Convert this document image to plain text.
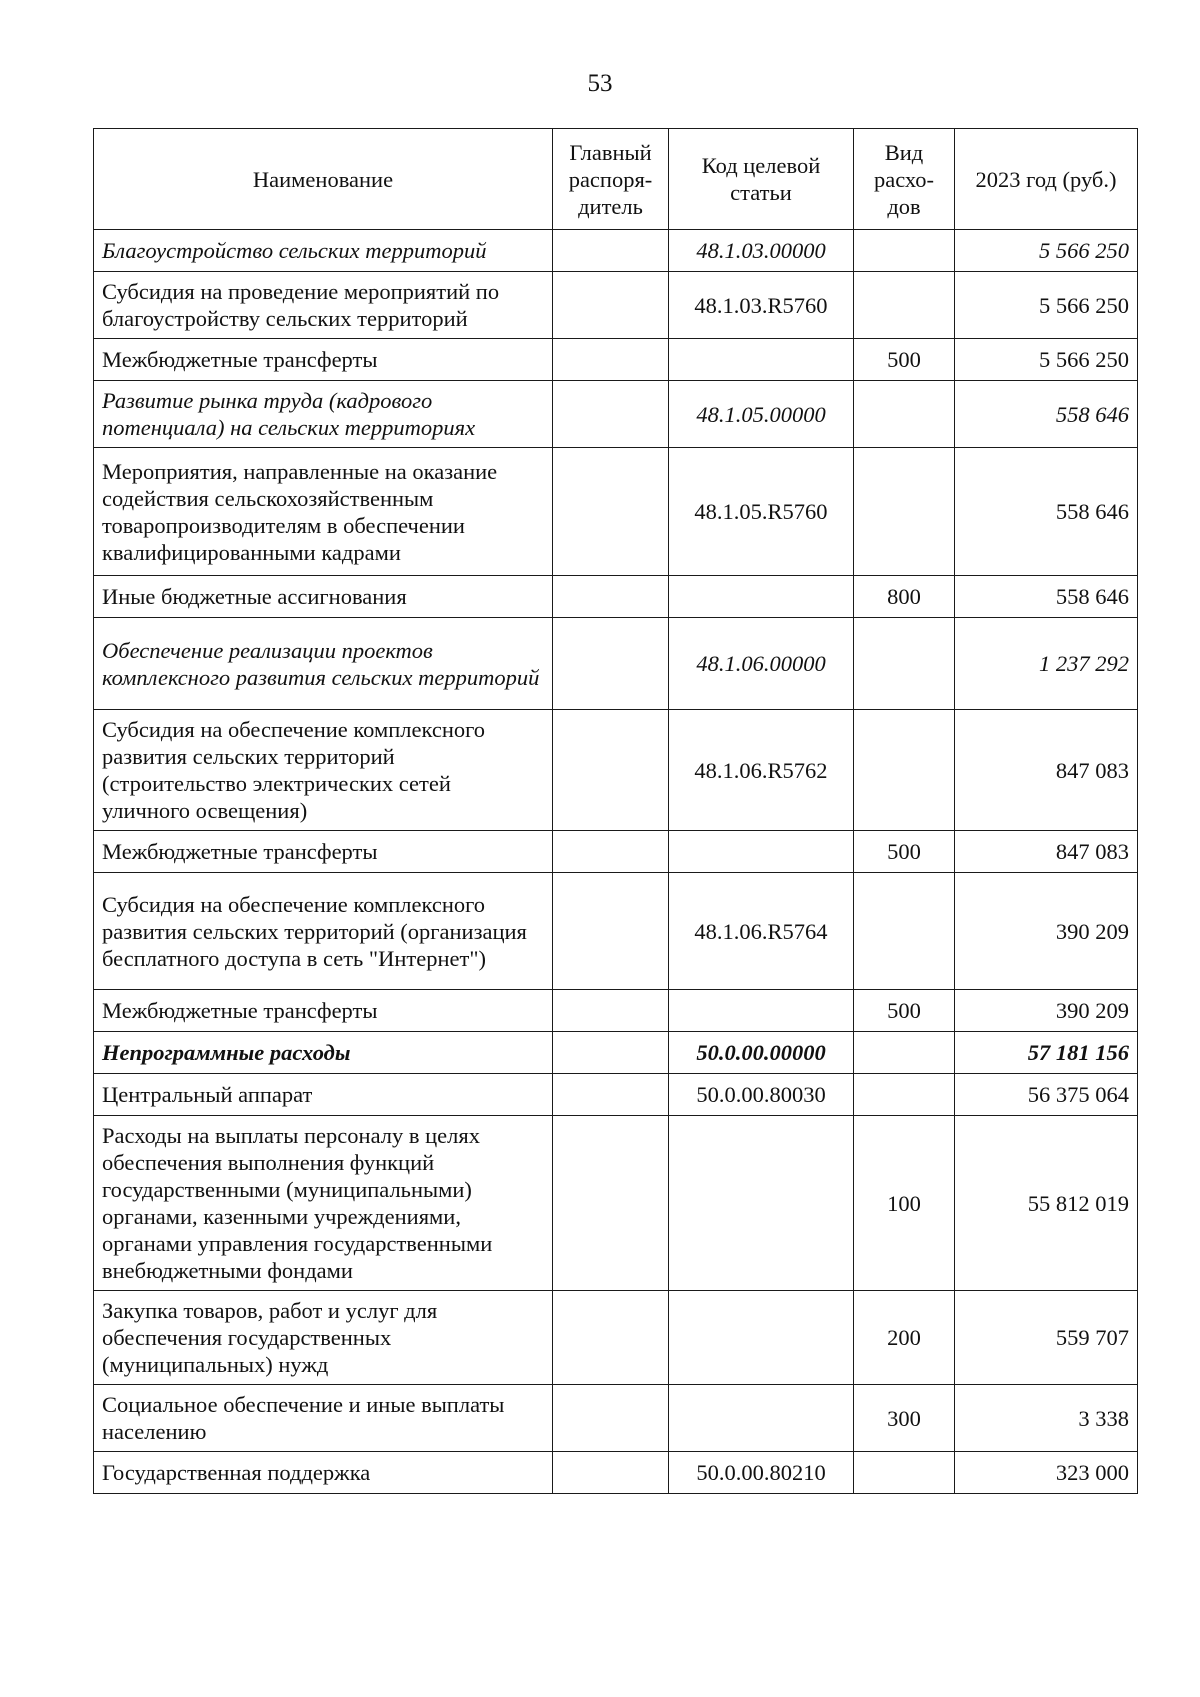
53
Наименование	Главный распоря-дитель	Код целевой статьи	Вид расхо-дов	2023 год (руб.)
Благоустройство сельских территорий		48.1.03.00000		5 566 250
Субсидия на проведение мероприятий по благоустройству сельских территорий		48.1.03.R5760		5 566 250
Межбюджетные трансферты			500	5 566 250
Развитие рынка труда (кадрового потенциала) на сельских территориях		48.1.05.00000		558 646
Мероприятия, направленные на оказание содействия сельскохозяйственным товаропроизводителям в обеспечении квалифицированными кадрами		48.1.05.R5760		558 646
Иные бюджетные ассигнования			800	558 646
Обеспечение реализации проектов комплексного развития сельских территорий		48.1.06.00000		1 237 292
Субсидия на обеспечение комплексного развития сельских территорий (строительство электрических сетей уличного освещения)		48.1.06.R5762		847 083
Межбюджетные трансферты			500	847 083
Субсидия на обеспечение комплексного развития сельских территорий (организация бесплатного доступа в сеть "Интернет")		48.1.06.R5764		390 209
Межбюджетные трансферты			500	390 209
Непрограммные расходы		50.0.00.00000		57 181 156
Центральный аппарат		50.0.00.80030		56 375 064
Расходы на выплаты персоналу в целях обеспечения выполнения функций государственными (муниципальными) органами, казенными учреждениями, органами управления государственными внебюджетными фондами			100	55 812 019
Закупка товаров, работ и услуг для обеспечения государственных (муниципальных) нужд			200	559 707
Социальное обеспечение и иные выплаты населению			300	3 338
Государственная поддержка		50.0.00.80210		323 000
